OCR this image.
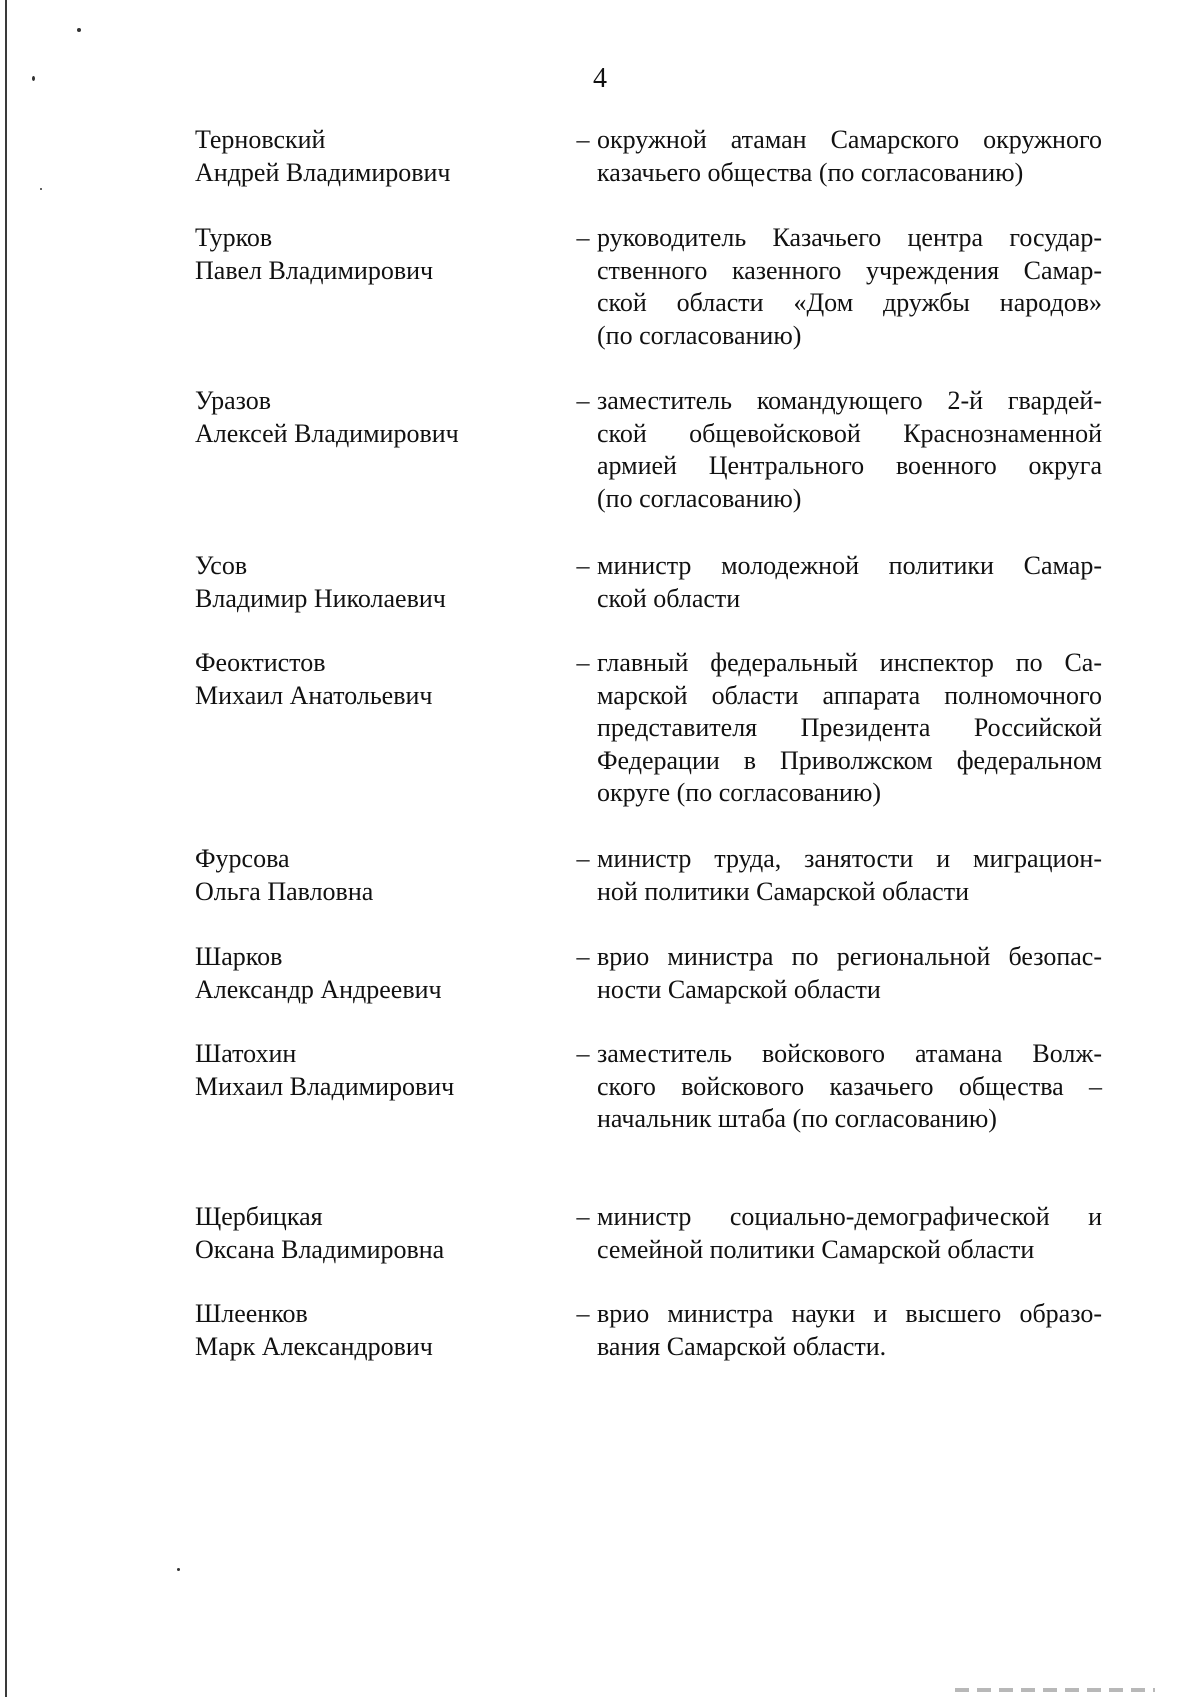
4
Терновский
Андрей Владимирович
– окружной атаман Самарского окружного
казачьего общества (по согласованию)
Турков
Павел Владимирович
– руководитель Казачьего центра государ-
ственного казенного учреждения Самар-
ской области «Дом дружбы народов»
(по согласованию)
Уразов
Алексей Владимирович
– заместитель командующего 2-й гвардей-
ской общевойсковой Краснознаменной
армией Центрального военного округа
(по согласованию)
Усов
Владимир Николаевич
– министр молодежной политики Самар-
ской области
Феоктистов
Михаил Анатольевич
– главный федеральный инспектор по Са-
марской области аппарата полномочного
представителя Президента Российской
Федерации в Приволжском федеральном
округе (по согласованию)
Фурсова
Ольга Павловна
– министр труда, занятости и миграцион-
ной политики Самарской области
Шарков
Александр Андреевич
– врио министра по региональной безопас-
ности Самарской области
Шатохин
Михаил Владимирович
– заместитель войскового атамана Волж-
ского войскового казачьего общества –
начальник штаба (по согласованию)
Щербицкая
Оксана Владимировна
– министр социально-демографической и
семейной политики Самарской области
Шлеенков
Марк Александрович
– врио министра науки и высшего образо-
вания Самарской области.
